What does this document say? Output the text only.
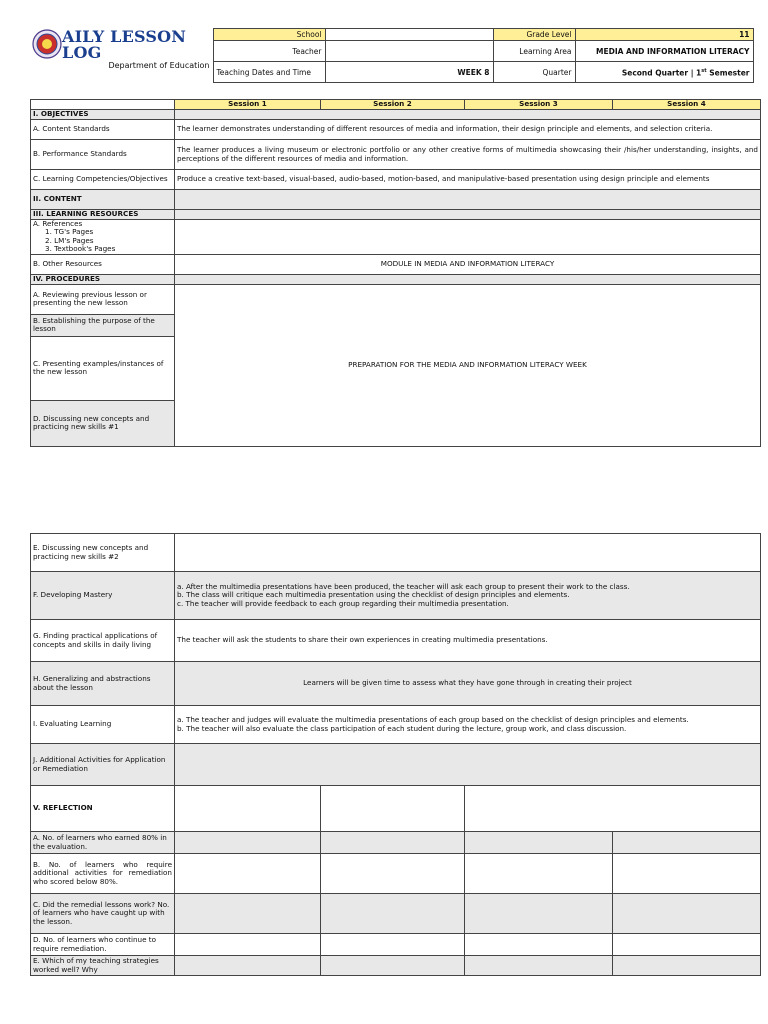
AILY LESSON LOG
Department of Education	School		Grade Level	11
	Teacher		Learning Area	MEDIA AND INFORMATION LITERACY
	Teaching Dates and Time	WEEK 8	Quarter	Second Quarter | 1st Semester
	Session 1	Session 2	Session 3	Session 4
I. OBJECTIVES				
A. Content Standards	The learner demonstrates understanding of different resources of media and information, their design principle and elements, and selection criteria.			
B. Performance Standards	The learner produces a living museum or electronic portfolio or any other creative forms of multimedia showcasing their /his/her understanding, insights, and perceptions of the different resources of media and information.			
C. Learning Competencies/Objectives	Produce a creative text-based, visual-based, audio-based, motion-based, and manipulative-based presentation using design principle and elements			
II. CONTENT				
III. LEARNING RESOURCES				

A. References
1. TG's Pages
2. LM's Pages
3. Textbook's Pages				

B. Other Resources	MODULE IN MEDIA AND INFORMATION LITERACY			
IV. PROCEDURES				
A. Reviewing previous lesson or presenting the new lesson	PREPARATION FOR THE MEDIA AND INFORMATION LITERACY WEEK			
B. Establishing the purpose of the lesson				
C. Presenting examples/instances of the new lesson				
D. Discussing new concepts and practicing new skills #1				
E. Discussing new concepts and practicing new skills #2				
F. Developing Mastery	a. After the multimedia presentations have been produced, the teacher will ask each group to present their work to the class.
b. The class will critique each multimedia presentation using the checklist of design principles and elements.
c. The teacher will provide feedback to each group regarding their multimedia presentation.			

G. Finding practical applications of concepts and skills in daily living	The teacher will ask the students to share their own experiences in creating multimedia presentations.			
H. Generalizing and abstractions about the lesson	Learners will be given time to assess what they have gone through in creating their project			
I. Evaluating Learning	a. The teacher and judges will evaluate the multimedia presentations of each group based on the checklist of design principles and elements.
b. The teacher will also evaluate the class participation of each student during the lecture, group work, and class discussion.			

J. Additional Activities for Application or Remediation				
V. REFLECTION				
A. No. of learners who earned 80% in the evaluation.				
B. No. of learners who require additional activities for remediation who scored below 80%.				
C. Did the remedial lessons work? No. of learners who have caught up with the lesson.				
D. No. of learners who continue to require remediation.				
E. Which of my teaching strategies worked well? Why				
